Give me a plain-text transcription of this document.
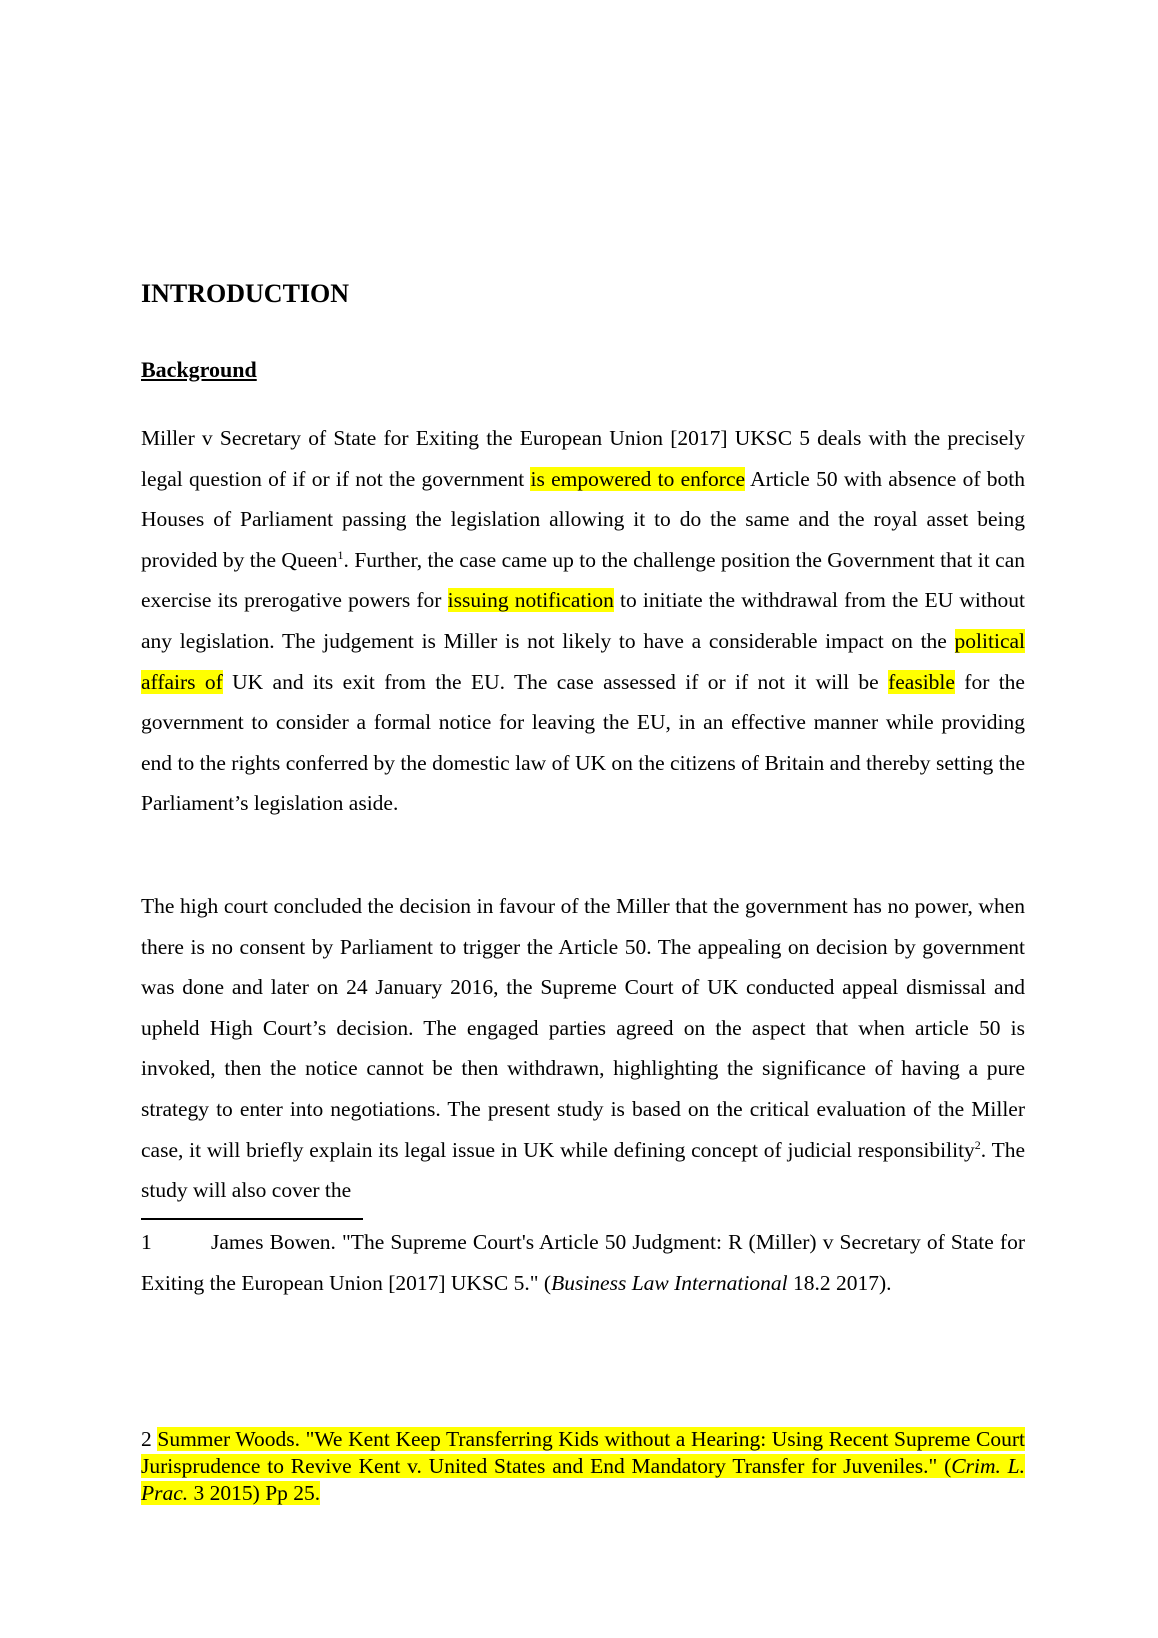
INTRODUCTION
Background

Miller v Secretary of State for Exiting the European Union [2017] UKSC 5 deals with the precisely legal question of if or if not the government is empowered to enforce Article 50 with absence of both Houses of Parliament passing the legislation allowing it to do the same and the royal asset being provided by the Queen$^1$. Further, the case came up to the challenge position the Government that it can exercise its prerogative powers for issuing notification to initiate the withdrawal from the EU without any legislation. The judgement is Miller is not likely to have a considerable impact on the political affairs of UK and its exit from the EU. The case assessed if or if not it will be feasible for the government to consider a formal notice for leaving the EU, in an effective manner while providing end to the rights conferred by the domestic law of UK on the citizens of Britain and thereby setting the Parliament’s legislation aside.

The high court concluded the decision in favour of the Miller that the government has no power, when there is no consent by Parliament to trigger the Article 50. The appealing on decision by government was done and later on 24 January 2016, the Supreme Court of UK conducted appeal dismissal and upheld High Court’s decision. The engaged parties agreed on the aspect that when article 50 is invoked, then the notice cannot be then withdrawn, highlighting the significance of having a pure strategy to enter into negotiations. The present study is based on the critical evaluation of the Miller case, it will briefly explain its legal issue in UK while defining concept of judicial responsibility$^2$. The study will also cover the

1	James Bowen. "The Supreme Court's Article 50 Judgment: R (Miller) v Secretary of State for Exiting the European Union [2017] UKSC 5." (Business Law International 18.2 2017).

2 Summer Woods. "We Kent Keep Transferring Kids without a Hearing: Using Recent Supreme Court Jurisprudence to Revive Kent v. United States and End Mandatory Transfer for Juveniles." (Crim. L. Prac. 3 2015) Pp 25.
